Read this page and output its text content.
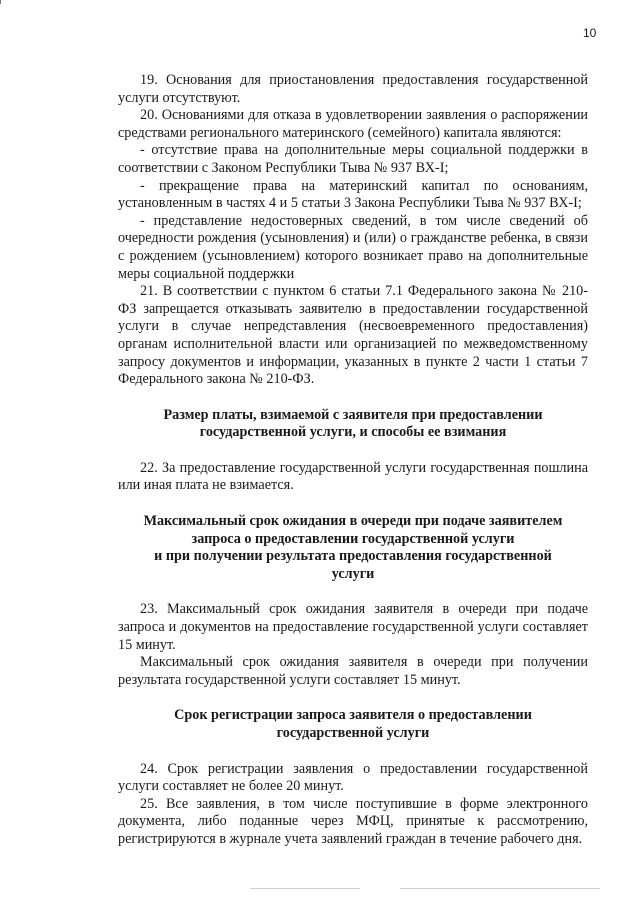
10

19. Основания для приостановления предоставления государственной услуги отсутствуют.

20. Основаниями для отказа в удовлетворении заявления о распоряжении средствами регионального материнского (семейного) капитала являются:

- отсутствие права на дополнительные меры социальной поддержки в соответствии с Законом Республики Тыва № 937 ВХ-I;

- прекращение права на материнский капитал по основаниям, установленным в частях 4 и 5 статьи 3 Закона Республики Тыва № 937 ВХ-I;

- представление недостоверных сведений, в том числе сведений об очередности рождения (усыновления) и (или) о гражданстве ребенка, в связи с рождением (усыновлением) которого возникает право на дополнительные меры социальной поддержки

21. В соответствии с пунктом 6 статьи 7.1 Федерального закона № 210-ФЗ запрещается отказывать заявителю в предоставлении государственной услуги в случае непредставления (несвоевременного предоставления) органам исполнительной власти или организацией по межведомственному запросу документов и информации, указанных в пункте 2 части 1 статьи 7 Федерального закона № 210-ФЗ.

Размер платы, взимаемой с заявителя при предоставлении
государственной услуги, и способы ее взимания

22. За предоставление государственной услуги государственная пошлина или иная плата не взимается.

Максимальный срок ожидания в очереди при подаче заявителем
запроса о предоставлении государственной услуги
и при получении результата предоставления государственной
услуги

23. Максимальный срок ожидания заявителя в очереди при подаче запроса и документов на предоставление государственной услуги составляет 15 минут.

Максимальный срок ожидания заявителя в очереди при получении результата государственной услуги составляет 15 минут.

Срок регистрации запроса заявителя о предоставлении
государственной услуги

24. Срок регистрации заявления о предоставлении государственной услуги составляет не более 20 минут.

25. Все заявления, в том числе поступившие в форме электронного документа, либо поданные через МФЦ, принятые к рассмотрению, регистрируются в журнале учета заявлений граждан в течение рабочего дня.
